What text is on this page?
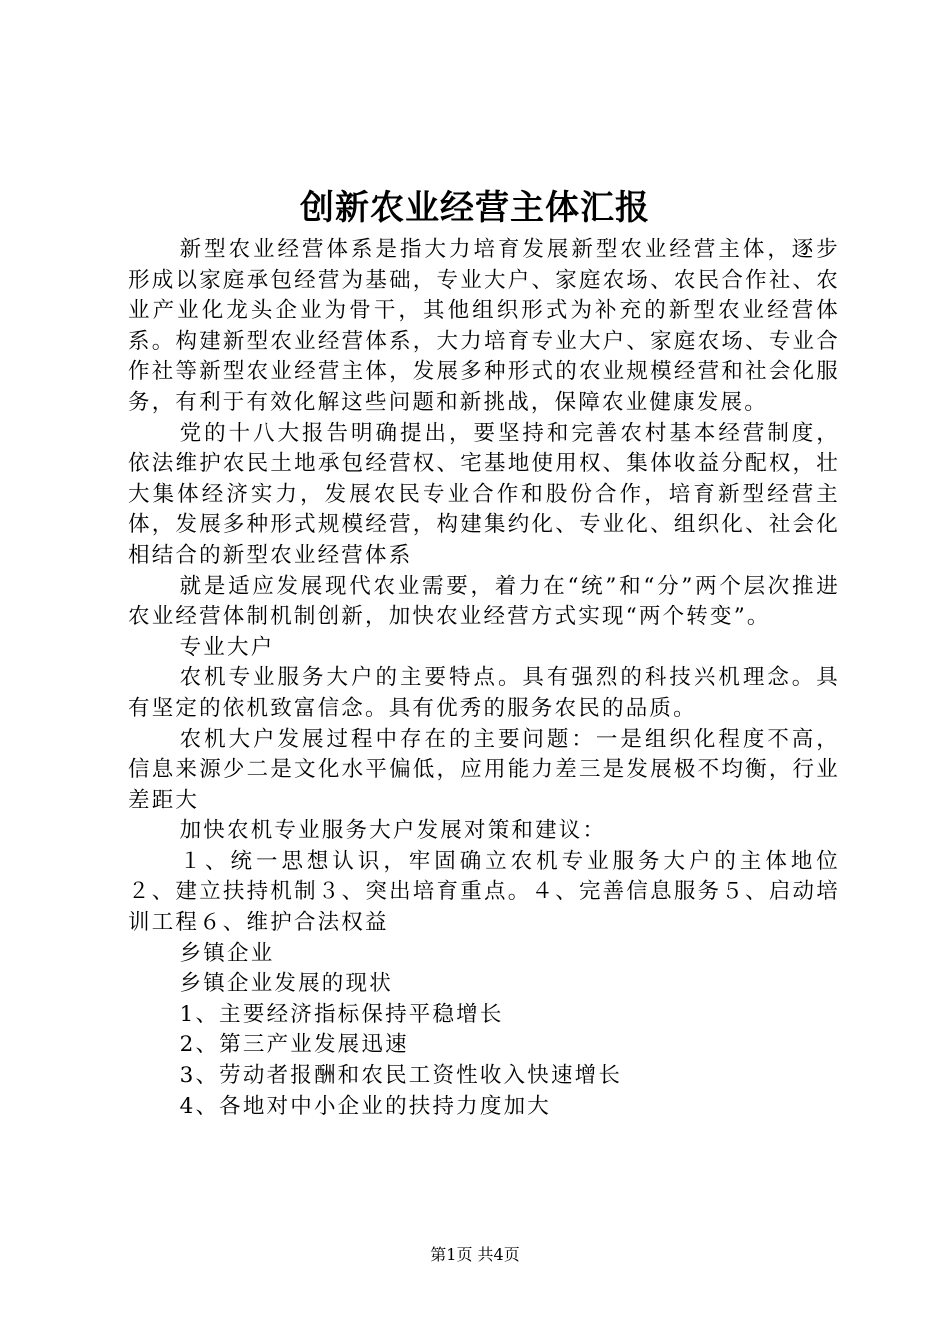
创新农业经营主体汇报

新型农业经营体系是指大力培育发展新型农业经营主体，逐步形成以家庭承包经营为基础，专业大户、家庭农场、农民合作社、农业产业化龙头企业为骨干，其他组织形式为补充的新型农业经营体系。构建新型农业经营体系，大力培育专业大户、家庭农场、专业合作社等新型农业经营主体，发展多种形式的农业规模经营和社会化服务，有利于有效化解这些问题和新挑战，保障农业健康发展。

党的十八大报告明确提出，要坚持和完善农村基本经营制度，依法维护农民土地承包经营权、宅基地使用权、集体收益分配权，壮大集体经济实力，发展农民专业合作和股份合作，培育新型经营主体，发展多种形式规模经营，构建集约化、专业化、组织化、社会化相结合的新型农业经营体系

就是适应发展现代农业需要，着力在“统”和“分”两个层次推进农业经营体制机制创新，加快农业经营方式实现“两个转变”。

专业大户

农机专业服务大户的主要特点。具有强烈的科技兴机理念。具有坚定的依机致富信念。具有优秀的服务农民的品质。

农机大户发展过程中存在的主要问题：一是组织化程度不高，信息来源少二是文化水平偏低，应用能力差三是发展极不均衡，行业差距大

加快农机专业服务大户发展对策和建议：

１、统一思想认识，牢固确立农机专业服务大户的主体地位２、建立扶持机制３、突出培育重点。４、完善信息服务５、启动培训工程６、维护合法权益

乡镇企业

乡镇企业发展的现状

1、主要经济指标保持平稳增长

2、第三产业发展迅速

3、劳动者报酬和农民工资性收入快速增长

4、各地对中小企业的扶持力度加大

第1页 共4页
